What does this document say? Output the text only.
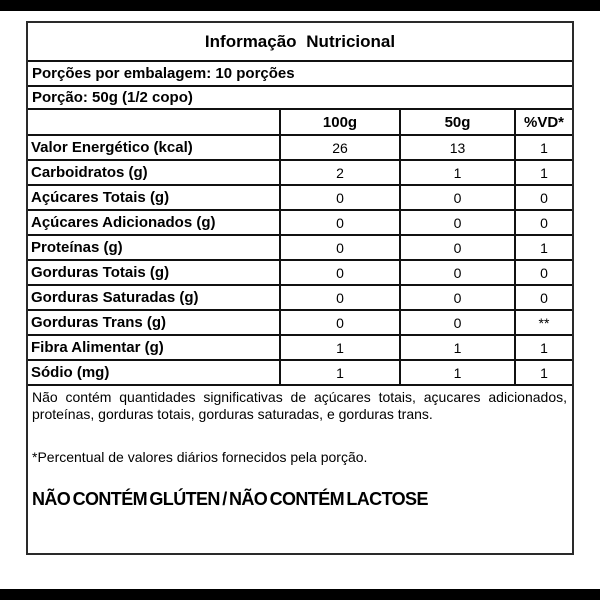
Informação Nutricional
Porções por embalagem: 10 porções
Porção: 50g (1/2 copo)
	100g	50g	%VD*
Valor Energético (kcal)	26	13	1
Carboidratos (g)	2	1	1
Açúcares Totais (g)	0	0	0
Açúcares Adicionados (g)	0	0	0
Proteínas (g)	0	0	1
Gorduras Totais (g)	0	0	0
Gorduras Saturadas (g)	0	0	0
Gorduras Trans (g)	0	0	**
Fibra Alimentar (g)	1	1	1
Sódio (mg)	1	1	1

Não contém quantidades significativas de açúcares totais, açucares adicionados, proteínas, gorduras totais, gorduras saturadas, e gorduras trans.

*Percentual de valores diários fornecidos pela porção.

NÃO CONTÉM GLÚTEN / NÃO CONTÉM LACTOSE
